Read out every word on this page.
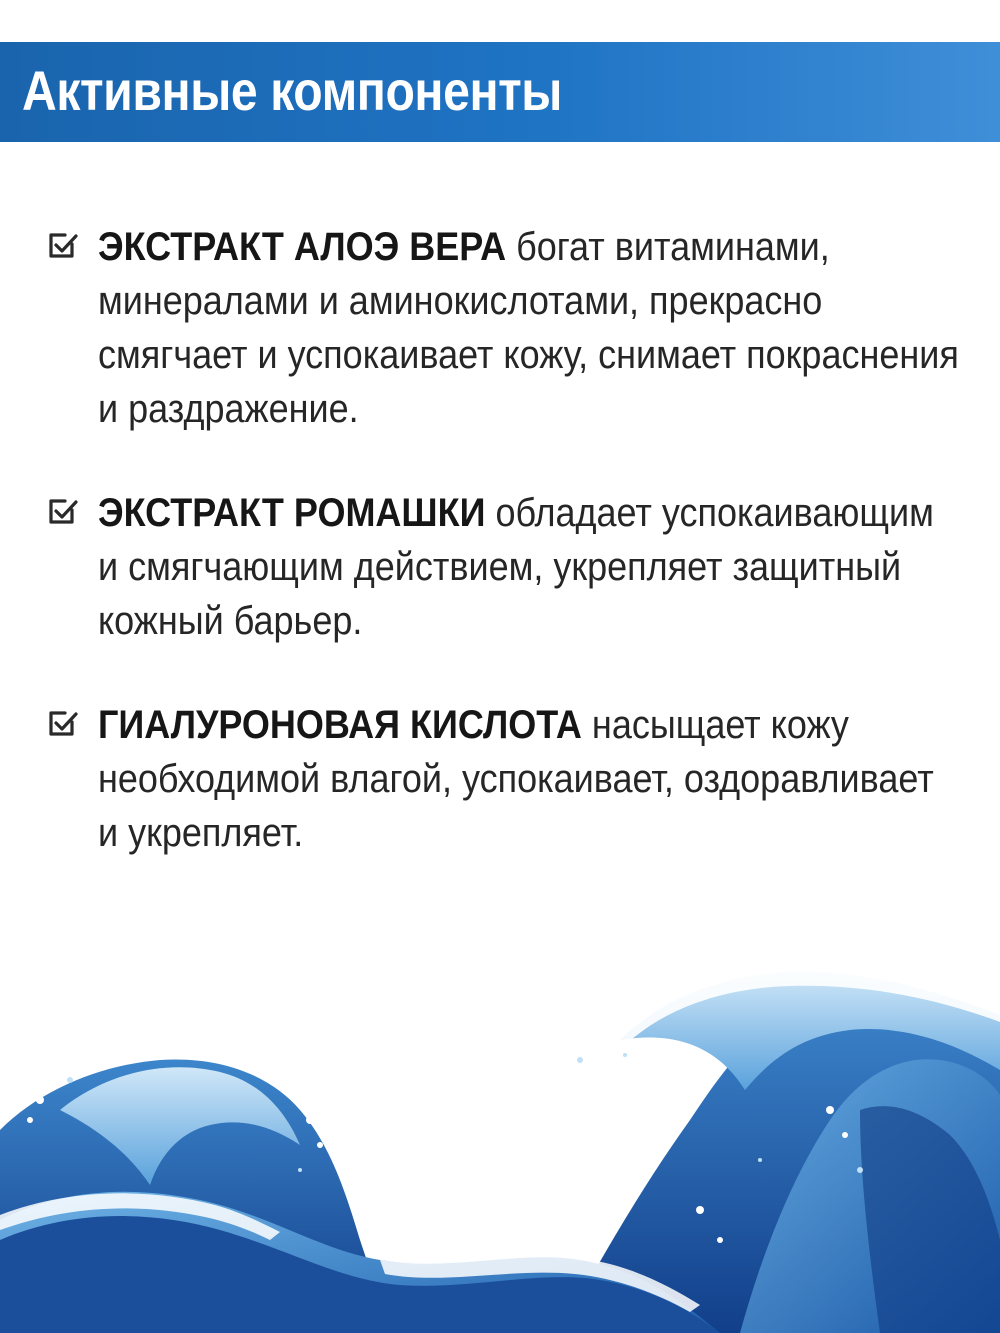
Активные компоненты
ЭКСТРАКТ АЛОЭ ВЕРА богат витаминами, минералами и аминокислотами, прекрасно смягчает и успокаивает кожу, снимает покраснения и раздражение.
ЭКСТРАКТ РОМАШКИ обладает успокаивающим и смягчающим действием, укрепляет защитный кожный барьер.
ГИАЛУРОНОВАЯ КИСЛОТА насыщает кожу необходимой влагой, успокаивает, оздоравливает и укрепляет.
